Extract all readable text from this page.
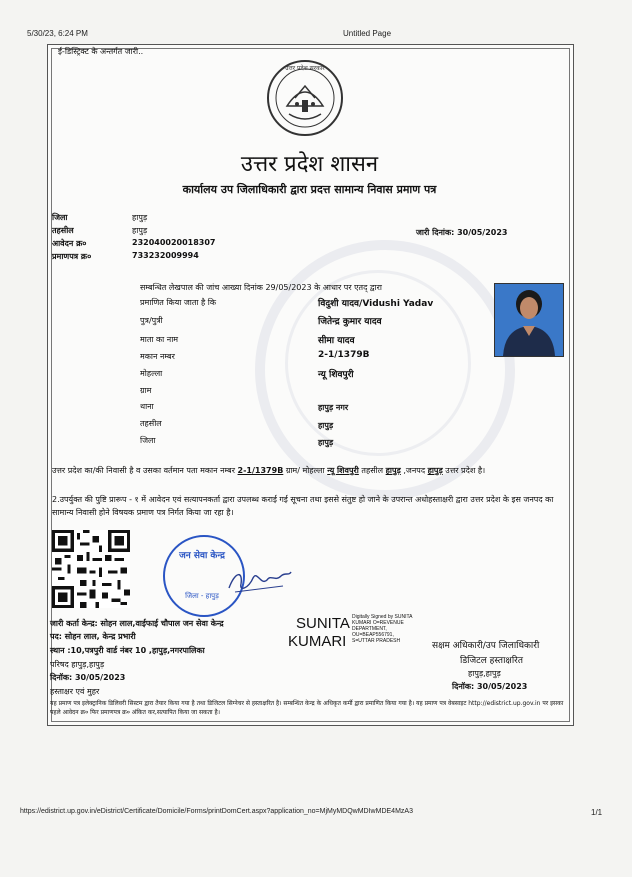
5/30/23, 6:24 PM	Untitled Page
ई-डिस्ट्रिक्ट के अन्तर्गत जारी..
उत्तर प्रदेश सरकार
उत्तर प्रदेश शासन
कार्यालय उप जिलाधिकारी द्वारा प्रदत्त सामान्य निवास प्रमाण पत्र
जिला	हापुड़
तहसील	हापुड़
आवेदन क्र०	232040020018307
प्रमाणपत्र क्र०	733232009994
जारी दिनांक: 30/05/2023
सम्बन्धित लेखपाल की जांच आख्या दिनांक 29/05/2023 के आधार पर एतद् द्वारा
प्रमाणित किया जाता है कि	विदुशी यादव/Vidushi Yadav
पुत्र/पुत्री	जितेन्द्र कुमार यादव
माता का नाम	सीमा यादव
मकान नम्बर	2-1/1379B
मोहल्ला	न्यू शिवपुरी
ग्राम
थाना	हापुड़ नगर
तहसील	हापुड़
जिला	हापुड़
उत्तर प्रदेश का/की निवासी है व उसका वर्तमान पता मकान नम्बर 2-1/1379B ग्राम/ मोहल्ला न्यू शिवपुरी तहसील हापुड़ ,जनपद हापुड़ उत्तर प्रदेश है।
2.उपर्युक्त की पुष्टि प्रारूप - १ में आवेदन एवं सत्यापनकर्ता द्वारा उपलब्ध कराई गई सूचना तथा इससे संतुष्ट हो जाने के उपरान्त अधोहस्ताक्षरी द्वारा उत्तर प्रदेश के इस जनपद का सामान्य निवासी होने विषयक प्रमाण पत्र निर्गत किया जा रहा है।
जन सेवा केन्द्र
जिला - हापुड़
जारी कर्ता केन्द्र: सोहन लाल,वाईफाई चौपाल जन सेवा केन्द्र
पद: सोहन लाल, केन्द्र प्रभारी
स्थान :10,पत्रपुरी वार्ड नंबर 10 ,हापुड़,नगरपालिका
परिषद हापुड़,हापुड़
दिनॉक: 30/05/2023
हस्ताक्षर एवं मुहर
SUNITA
KUMARI
Digitally Signed by SUNITA
KUMARI O=REVENUE
DEPARTMENT,
OU=BEAP556791,
S=UTTAR PRADESH	सक्षम अधिकारी/उप जिलाधिकारी
डिजिटल हस्ताक्षरित
हापुड़,हापुड़
दिनॉक: 30/05/2023
यह प्रमाण पत्र इलेक्ट्रानिक डिलिवरी सिस्टम द्वारा तैयार किया गया है तथा डिजिटल सिग्नेचर से हस्ताक्षरित है। सम्बन्धित केन्द्र के अधिकृत कर्मी द्वारा प्रमाणित किया गया है। यह प्रमाण पत्र वेबसाइट http://edistrict.up.gov.in पर इसका पहले आवेदन क्र० फिर प्रमाणपत्र क्र० अंकित कर,सत्यापित किया जा सकता है।
https://edistrict.up.gov.in/eDistrict/Certificate/Domicile/Forms/printDomCert.aspx?application_no=MjMyMDQwMDIwMDE4MzA3	1/1
